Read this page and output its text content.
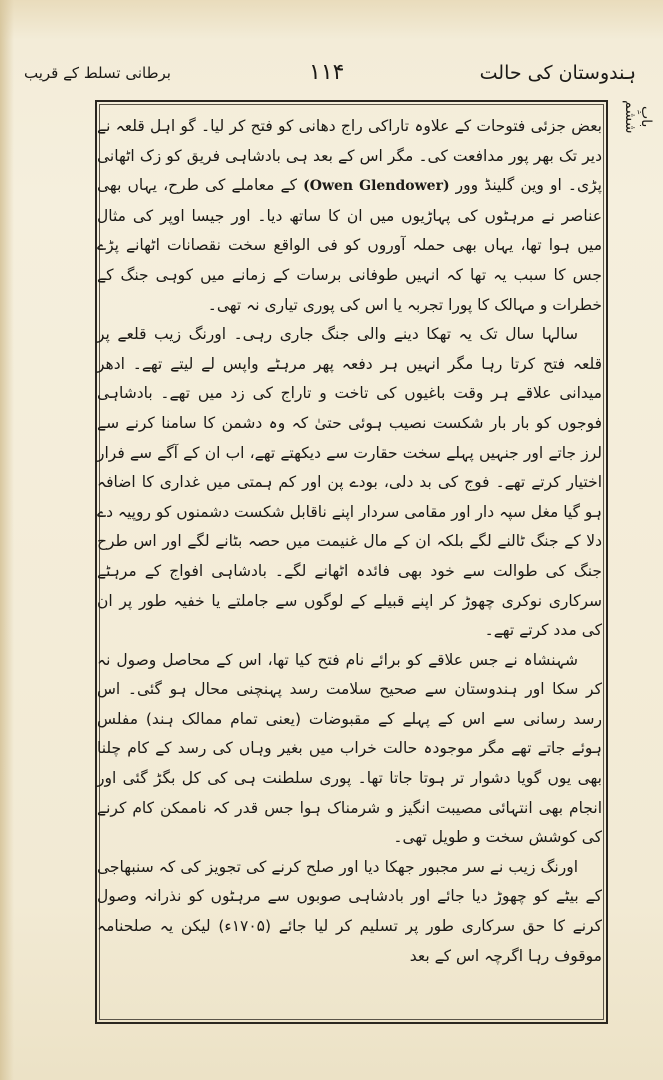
ہندوستان کی حالت
۱۱۴
برطانی تسلط کے قریب
بابِ ششم

بعض جزئی فتوحات کے علاوہ تاراکی راج دھانی کو فتح کر لیا۔ گو اہل قلعہ نے دیر تک بھر پور مدافعت کی۔ مگر اس کے بعد ہی بادشاہی فریق کو زک اٹھانی پڑی۔ او وین گلینڈ وور (Owen Glendower) کے معاملے کی طرح، یہاں بھی عناصر نے مرہٹوں کی پہاڑیوں میں ان کا ساتھ دیا۔ اور جیسا اوپر کی مثال میں ہوا تھا، یہاں بھی حملہ آوروں کو فی الواقع سخت نقصانات اٹھانے پڑے جس کا سبب یہ تھا کہ انہیں طوفانی برسات کے زمانے میں کوہی جنگ کے خطرات و مہالک کا پورا تجربہ یا اس کی پوری تیاری نہ تھی۔

سالہا سال تک یہ تھکا دینے والی جنگ جاری رہی۔ اورنگ زیب قلعے پر قلعہ فتح کرتا رہا مگر انہیں ہر دفعہ پھر مرہٹے واپس لے لیتے تھے۔ ادھر میدانی علاقے ہر وقت باغیوں کی تاخت و تاراج کی زد میں تھے۔ بادشاہی فوجوں کو بار بار شکست نصیب ہوئی حتیٰ کہ وہ دشمن کا سامنا کرنے سے لرز جاتے اور جنہیں پہلے سخت حقارت سے دیکھتے تھے، اب ان کے آگے سے فرار اختیار کرتے تھے۔ فوج کی بد دلی، بودے پن اور کم ہمتی میں غداری کا اضافہ ہو گیا مغل سپہ دار اور مقامی سردار اپنے ناقابل شکست دشمنوں کو روپیہ دے دلا کے جنگ ٹالنے لگے بلکہ ان کے مال غنیمت میں حصہ بٹانے لگے اور اس طرح جنگ کی طوالت سے خود بھی فائدہ اٹھانے لگے۔ بادشاہی افواج کے مرہٹے سرکاری نوکری چھوڑ کر اپنے قبیلے کے لوگوں سے جاملتے یا خفیہ طور پر ان کی مدد کرتے تھے۔

شہنشاہ نے جس علاقے کو برائے نام فتح کیا تھا، اس کے محاصل وصول نہ کر سکا اور ہندوستان سے صحیح سلامت رسد پہنچنی محال ہو گئی۔ اس رسد رسانی سے اس کے پہلے کے مقبوضات (یعنی تمام ممالک ہند) مفلس ہوئے جاتے تھے مگر موجودہ حالت خراب میں بغیر وہاں کی رسد کے کام چلنا بھی یوں گویا دشوار تر ہوتا جاتا تھا۔ پوری سلطنت ہی کی کل بگڑ گئی اور انجام بھی انتہائی مصیبت انگیز و شرمناک ہوا جس قدر کہ ناممکن کام کرنے کی کوشش سخت و طویل تھی۔

اورنگ زیب نے سر مجبور جھکا دیا اور صلح کرنے کی تجویز کی کہ سنبھاجی کے بیٹے کو چھوڑ دیا جائے اور بادشاہی صوبوں سے مرہٹوں کو نذرانہ وصول کرنے کا حق سرکاری طور پر تسلیم کر لیا جائے (۱۷۰۵ء) لیکن یہ صلحنامہ موقوف رہا اگرچہ اس کے بعد
